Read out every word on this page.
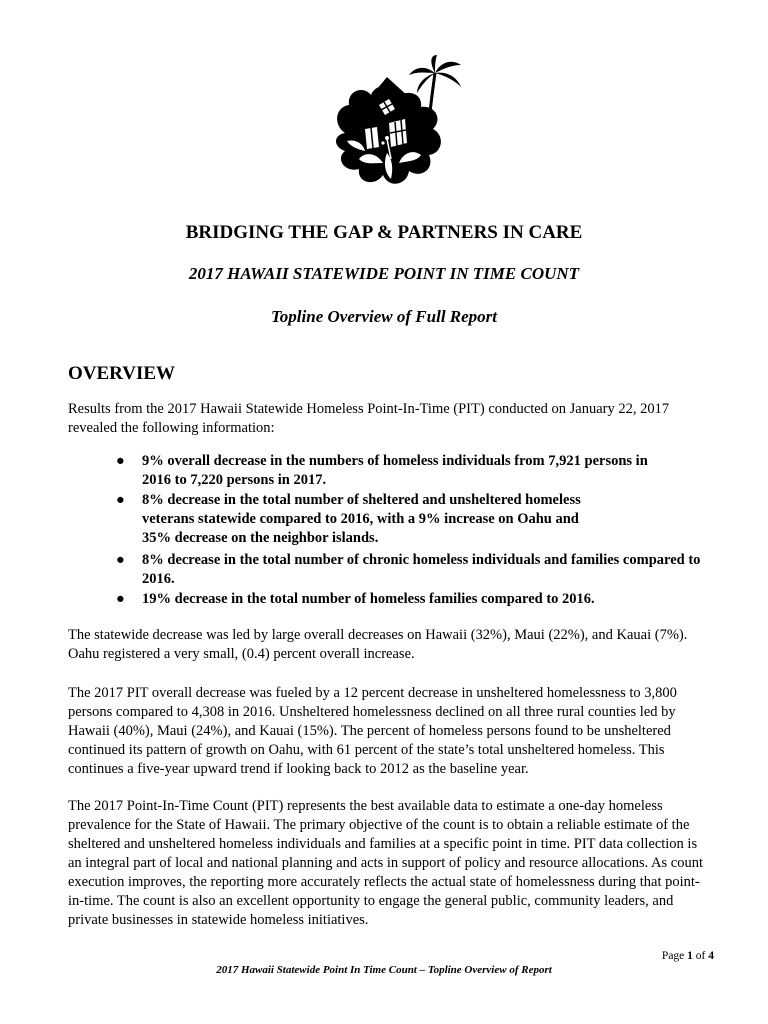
BRIDGING THE GAP & PARTNERS IN CARE
2017 HAWAII STATEWIDE POINT IN TIME COUNT
Topline Overview of Full Report
OVERVIEW

Results from the 2017 Hawaii Statewide Homeless Point-In-Time (PIT) conducted on January 22, 2017 revealed the following information:

● 9% overall decrease in the numbers of homeless individuals from 7,921 persons in 2016 to 7,220 persons in 2017.
● 8% decrease in the total number of sheltered and unsheltered homeless veterans statewide compared to 2016, with a 9% increase on Oahu and 35% decrease on the neighbor islands.
● 8% decrease in the total number of chronic homeless individuals and families compared to 2016.
● 19% decrease in the total number of homeless families compared to 2016.

The statewide decrease was led by large overall decreases on Hawaii (32%), Maui (22%), and Kauai (7%). Oahu registered a very small, (0.4) percent overall increase.

The 2017 PIT overall decrease was fueled by a 12 percent decrease in unsheltered homelessness to 3,800 persons compared to 4,308 in 2016. Unsheltered homelessness declined on all three rural counties led by Hawaii (40%), Maui (24%), and Kauai (15%). The percent of homeless persons found to be unsheltered continued its pattern of growth on Oahu, with 61 percent of the state’s total unsheltered homeless. This continues a five-year upward trend if looking back to 2012 as the baseline year.

The 2017 Point-In-Time Count (PIT) represents the best available data to estimate a one-day homeless prevalence for the State of Hawaii. The primary objective of the count is to obtain a reliable estimate of the sheltered and unsheltered homeless individuals and families at a specific point in time. PIT data collection is an integral part of local and national planning and acts in support of policy and resource allocations. As count execution improves, the reporting more accurately reflects the actual state of homelessness during that point-in-time. The count is also an excellent opportunity to engage the general public, community leaders, and private businesses in statewide homeless initiatives.

Page 1 of 4

2017 Hawaii Statewide Point In Time Count – Topline Overview of Report
